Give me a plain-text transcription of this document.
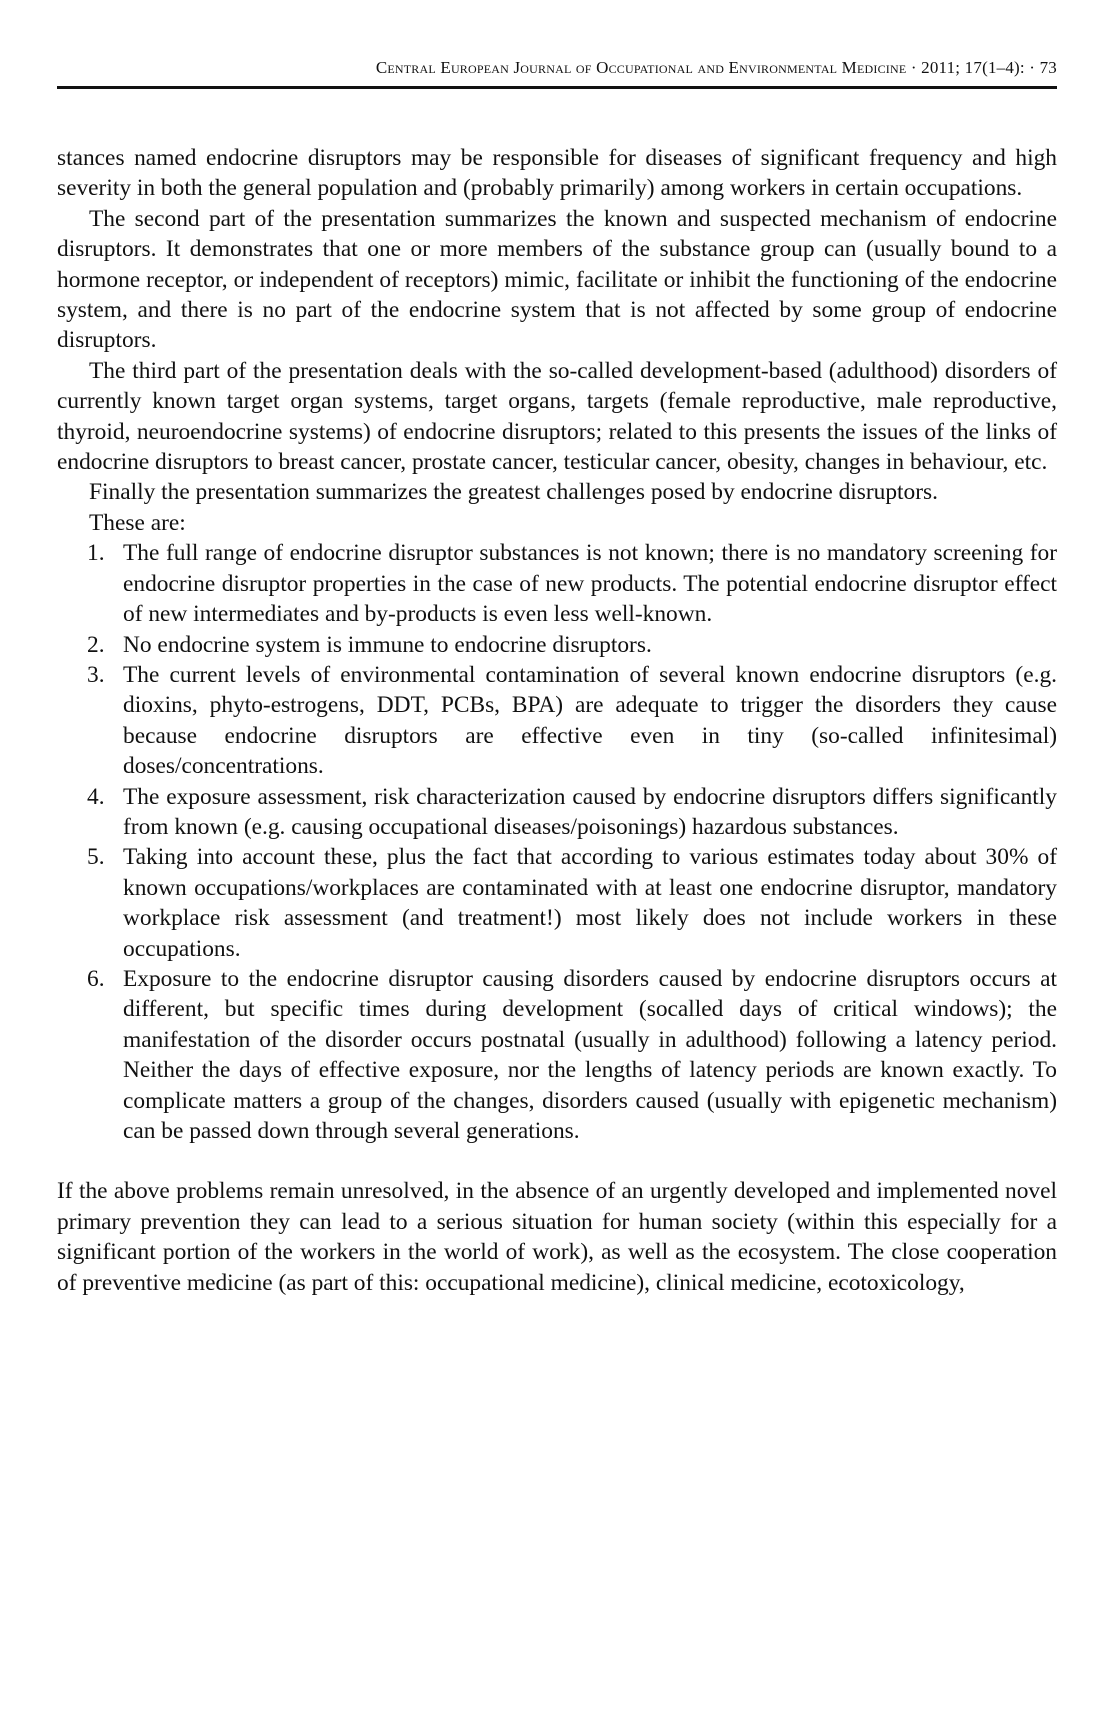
Central European Journal of Occupational and Environmental Medicine · 2011; 17(1–4): · 73

stances named endocrine disruptors may be responsible for diseases of significant frequency and high severity in both the general population and (probably primarily) among workers in certain occupations.

The second part of the presentation summarizes the known and suspected mechanism of endocrine disruptors. It demonstrates that one or more members of the substance group can (usually bound to a hormone receptor, or independent of receptors) mimic, facilitate or inhibit the functioning of the endocrine system, and there is no part of the endocrine system that is not affected by some group of endocrine disruptors.

The third part of the presentation deals with the so-called development-based (adulthood) disorders of currently known target organ systems, target organs, targets (female reproductive, male reproductive, thyroid, neuroendocrine systems) of endocrine disruptors; related to this presents the issues of the links of endocrine disruptors to breast cancer, prostate cancer, testicular cancer, obesity, changes in behaviour, etc.

Finally the presentation summarizes the greatest challenges posed by endocrine disruptors.

These are:

1. The full range of endocrine disruptor substances is not known; there is no mandatory screening for endocrine disruptor properties in the case of new products. The potential endocrine disruptor effect of new intermediates and by-products is even less well-known.
2. No endocrine system is immune to endocrine disruptors.
3. The current levels of environmental contamination of several known endocrine disruptors (e.g. dioxins, phyto-estrogens, DDT, PCBs, BPA) are adequate to trigger the disorders they cause because endocrine disruptors are effective even in tiny (so-called infinitesimal) doses/concentrations.
4. The exposure assessment, risk characterization caused by endocrine disruptors differs significantly from known (e.g. causing occupational diseases/poisonings) hazardous substances.
5. Taking into account these, plus the fact that according to various estimates today about 30% of known occupations/workplaces are contaminated with at least one endocrine disruptor, mandatory workplace risk assessment (and treatment!) most likely does not include workers in these occupations.
6. Exposure to the endocrine disruptor causing disorders caused by endocrine disruptors occurs at different, but specific times during development (socalled days of critical windows); the manifestation of the disorder occurs postnatal (usually in adulthood) following a latency period. Neither the days of effective exposure, nor the lengths of latency periods are known exactly. To complicate matters a group of the changes, disorders caused (usually with epigenetic mechanism) can be passed down through several generations.

If the above problems remain unresolved, in the absence of an urgently developed and implemented novel primary prevention they can lead to a serious situation for human society (within this especially for a significant portion of the workers in the world of work), as well as the ecosystem. The close cooperation of preventive medicine (as part of this: occupational medicine), clinical medicine, ecotoxicology,
